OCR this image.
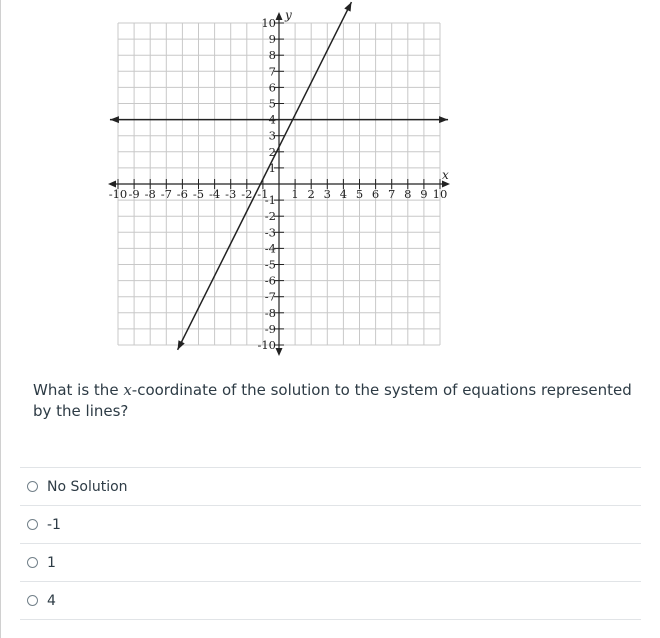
-10 -9 -8 -7 -6 -5 -4 -3 -2 -1 1 2 3 4 5 6 7 8 9 10
10
9
8
7
6
5
4
3
2
1
-1
-2
-3
-4
-5
-6
-7
-8
-9
-10
x
y
What is the x-coordinate of the solution to the system of equations represented by the lines?
No Solution
-1
1
4
